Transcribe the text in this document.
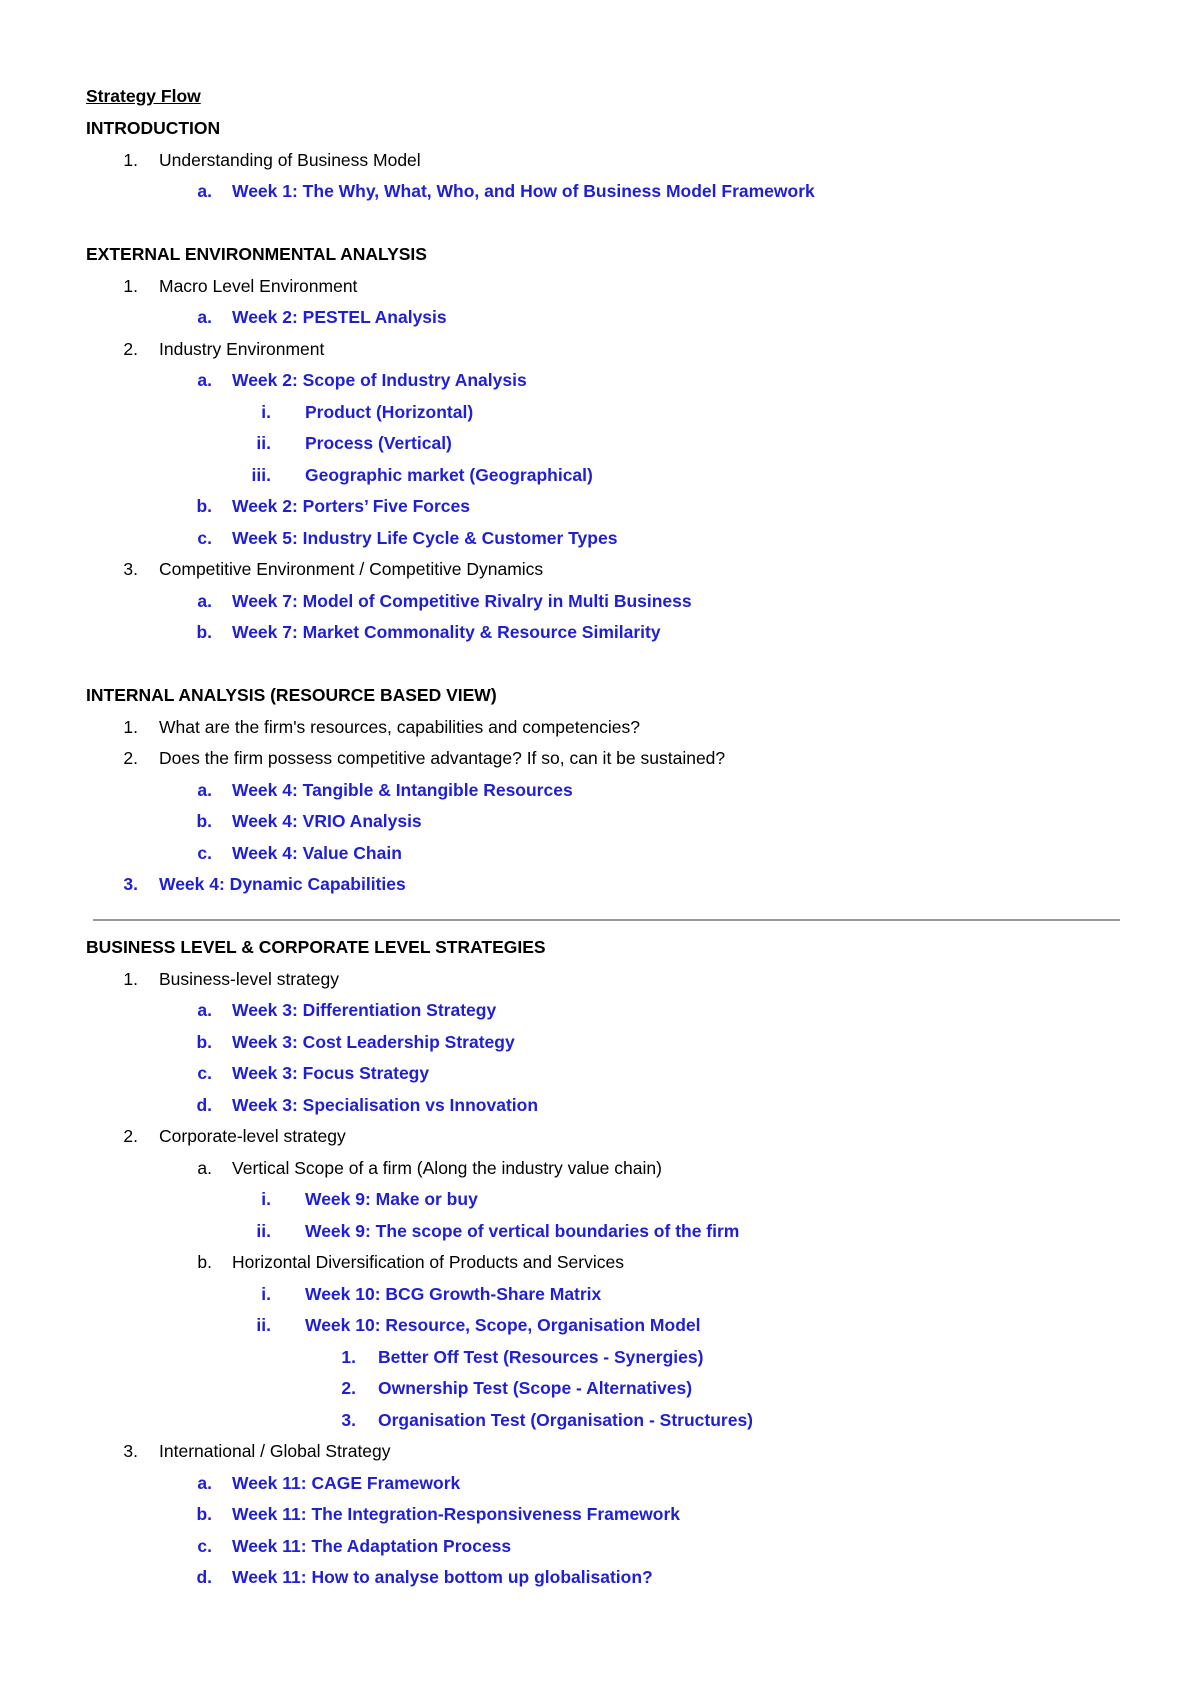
Strategy Flow
INTRODUCTION
1. Understanding of Business Model
a. Week 1: The Why, What, Who, and How of Business Model Framework
EXTERNAL ENVIRONMENTAL ANALYSIS
1. Macro Level Environment
a. Week 2: PESTEL Analysis
2. Industry Environment
a. Week 2: Scope of Industry Analysis
i. Product (Horizontal)
ii. Process (Vertical)
iii. Geographic market (Geographical)
b. Week 2: Porters’ Five Forces
c. Week 5: Industry Life Cycle & Customer Types
3. Competitive Environment / Competitive Dynamics
a. Week 7: Model of Competitive Rivalry in Multi Business
b. Week 7: Market Commonality & Resource Similarity
INTERNAL ANALYSIS (RESOURCE BASED VIEW)
1. What are the firm's resources, capabilities and competencies?
2. Does the firm possess competitive advantage? If so, can it be sustained?
a. Week 4: Tangible & Intangible Resources
b. Week 4: VRIO Analysis
c. Week 4: Value Chain
3. Week 4: Dynamic Capabilities
BUSINESS LEVEL & CORPORATE LEVEL STRATEGIES
1. Business-level strategy
a. Week 3: Differentiation Strategy
b. Week 3: Cost Leadership Strategy
c. Week 3: Focus Strategy
d. Week 3: Specialisation vs Innovation
2. Corporate-level strategy
a. Vertical Scope of a firm (Along the industry value chain)
i. Week 9: Make or buy
ii. Week 9: The scope of vertical boundaries of the firm
b. Horizontal Diversification of Products and Services
i. Week 10: BCG Growth-Share Matrix
ii. Week 10: Resource, Scope, Organisation Model
1. Better Off Test (Resources - Synergies)
2. Ownership Test (Scope - Alternatives)
3. Organisation Test (Organisation - Structures)
3. International / Global Strategy
a. Week 11: CAGE Framework
b. Week 11: The Integration-Responsiveness Framework
c. Week 11: The Adaptation Process
d. Week 11: How to analyse bottom up globalisation?
